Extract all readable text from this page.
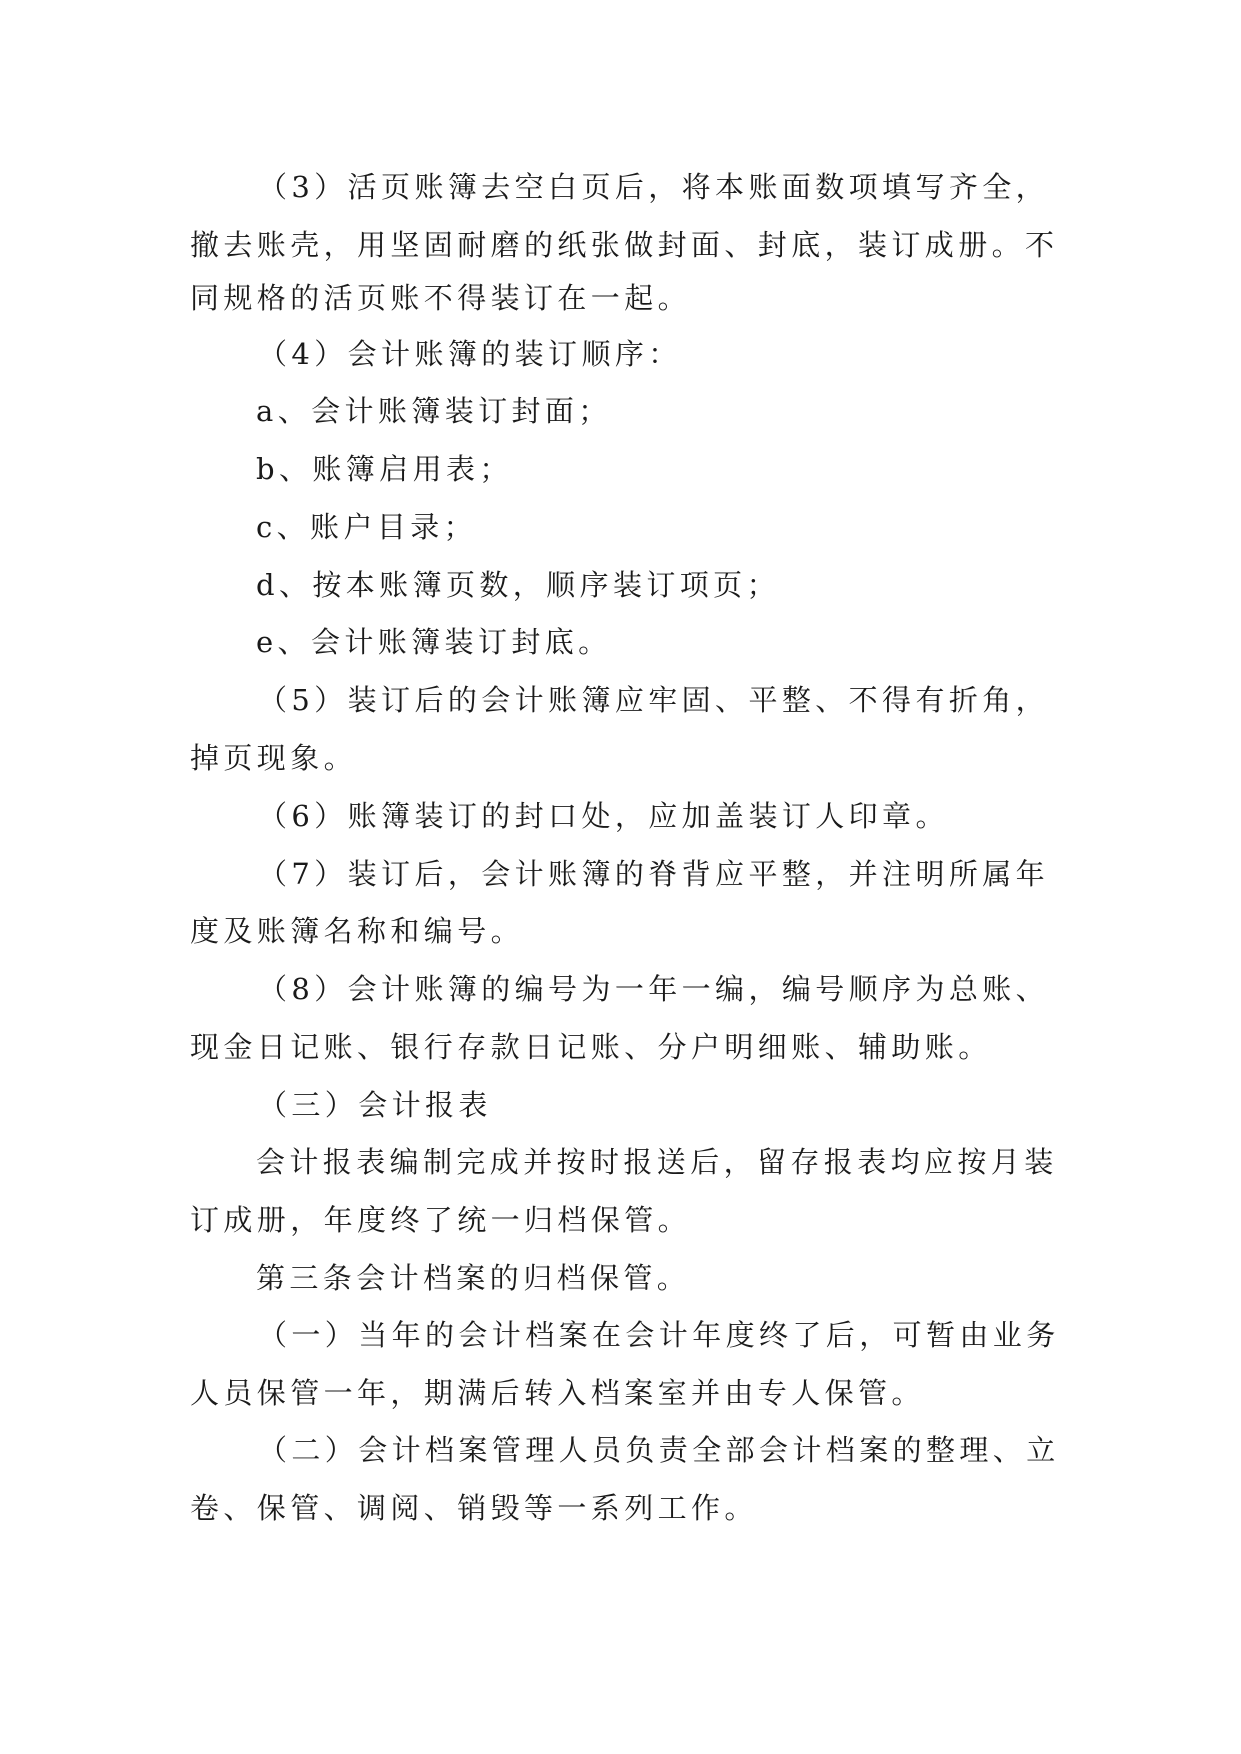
（3）活页账簿去空白页后，将本账面数项填写齐全，
撤去账壳，用坚固耐磨的纸张做封面、封底，装订成册。不
同规格的活页账不得装订在一起。
（4）会计账簿的装订顺序：
a、会计账簿装订封面；
b、账簿启用表；
c、账户目录；
d、按本账簿页数，顺序装订项页；
e、会计账簿装订封底。
（5）装订后的会计账簿应牢固、平整、不得有折角，
掉页现象。
（6）账簿装订的封口处，应加盖装订人印章。
（7）装订后，会计账簿的脊背应平整，并注明所属年
度及账簿名称和编号。
（8）会计账簿的编号为一年一编，编号顺序为总账、
现金日记账、银行存款日记账、分户明细账、辅助账。
（三）会计报表
会计报表编制完成并按时报送后，留存报表均应按月装
订成册，年度终了统一归档保管。
第三条会计档案的归档保管。
（一）当年的会计档案在会计年度终了后，可暂由业务
人员保管一年，期满后转入档案室并由专人保管。
（二）会计档案管理人员负责全部会计档案的整理、立
卷、保管、调阅、销毁等一系列工作。
